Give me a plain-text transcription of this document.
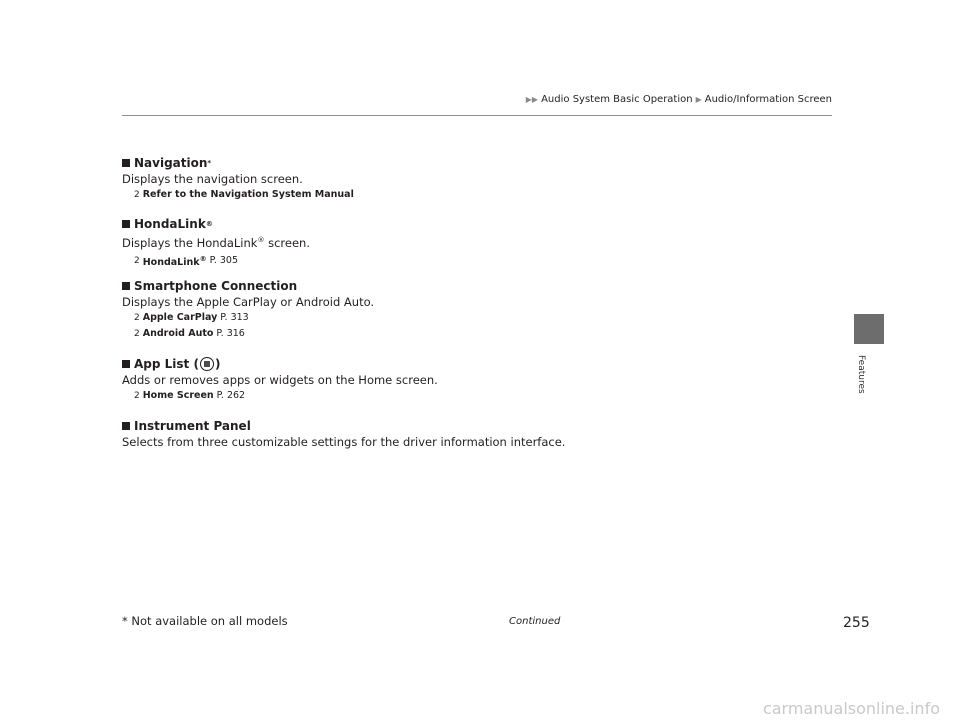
▶▶ Audio System Basic Operation ▶ Audio/Information Screen
Features
Navigation *
Displays the navigation screen.
2 Refer to the Navigation System Manual
HondaLink ®
Displays the HondaLink® screen.
2 HondaLink® P. 305
Smartphone Connection
Displays the Apple CarPlay or Android Auto.
2 Apple CarPlay P. 313
2 Android Auto P. 316
App List ( )
Adds or removes apps or widgets on the Home screen.
2 Home Screen P. 262
Instrument Panel
Selects from three customizable settings for the driver information interface.
* Not available on all models	Continued	255
carmanualsonline.info
